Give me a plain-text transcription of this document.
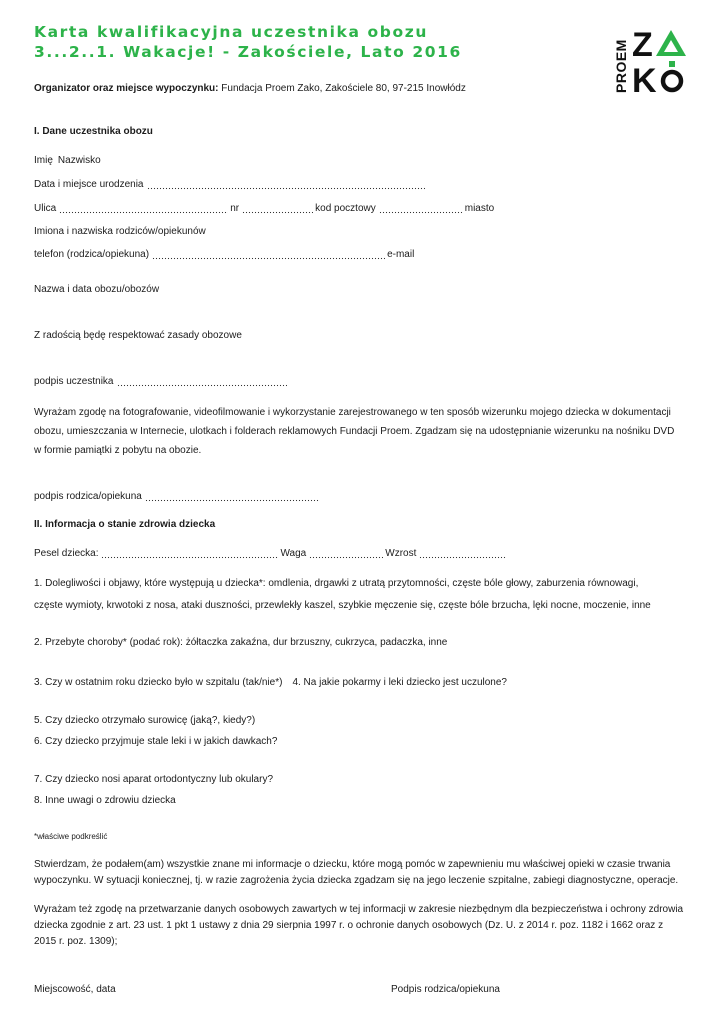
Karta kwalifikacyjna uczestnika obozu
3...2..1. Wakacje! - Zakościele, Lato 2016	PROEM Z
K
Organizator oraz miejsce wypoczynku: Fundacja Proem Zako, Zakościele 80, 97-215 Inowłódz
I. Dane uczestnika obozu
Imię Nazwisko
Data i miejsce urodzenia
Ulica	nr	kod pocztowy	miasto
Imiona i nazwiska rodziców/opiekunów
telefon (rodzica/opiekuna)	e-mail
Nazwa i data obozu/obozów
Z radością będę respektować zasady obozowe
podpis uczestnika
Wyrażam zgodę na fotografowanie, videofilmowanie i wykorzystanie zarejestrowanego w ten sposób wizerunku mojego dziecka w dokumentacji obozu, umieszczania w Internecie, ulotkach i folderach reklamowych Fundacji Proem. Zgadzam się na udostępnianie wizerunku na nośniku DVD w formie pamiątki z pobytu na obozie.
podpis rodzica/opiekuna
II. Informacja o stanie zdrowia dziecka
Pesel dziecka:	Waga	Wzrost
1. Dolegliwości i objawy, które występują u dziecka*: omdlenia, drgawki z utratą przytomności, częste bóle głowy, zaburzenia równowagi,
częste wymioty, krwotoki z nosa, ataki duszności, przewlekły kaszel, szybkie męczenie się, częste bóle brzucha, lęki nocne, moczenie, inne
2. Przebyte choroby* (podać rok): żółtaczka zakaźna, dur brzuszny, cukrzyca, padaczka, inne
3. Czy w ostatnim roku dziecko było w szpitalu (tak/nie*) 4. Na jakie pokarmy i leki dziecko jest uczulone?
5. Czy dziecko otrzymało surowicę (jaką?, kiedy?)
6. Czy dziecko przyjmuje stale leki i w jakich dawkach?
7. Czy dziecko nosi aparat ortodontyczny lub okulary?
8. Inne uwagi o zdrowiu dziecka
*właściwe podkreślić
Stwierdzam, że podałem(am) wszystkie znane mi informacje o dziecku, które mogą pomóc w zapewnieniu mu właściwej opieki w czasie trwania wypoczynku. W sytuacji koniecznej, tj. w razie zagrożenia życia dziecka zgadzam się na jego leczenie szpitalne, zabiegi diagnostyczne, operacje.
Wyrażam też zgodę na przetwarzanie danych osobowych zawartych w tej informacji w zakresie niezbędnym dla bezpieczeństwa i ochrony zdrowia dziecka zgodnie z art. 23 ust. 1 pkt 1 ustawy z dnia 29 sierpnia 1997 r. o ochronie danych osobowych (Dz. U. z 2014 r. poz. 1182 i 1662 oraz z 2015 r. poz. 1309);
Miejscowość, data	Podpis rodzica/opiekuna
